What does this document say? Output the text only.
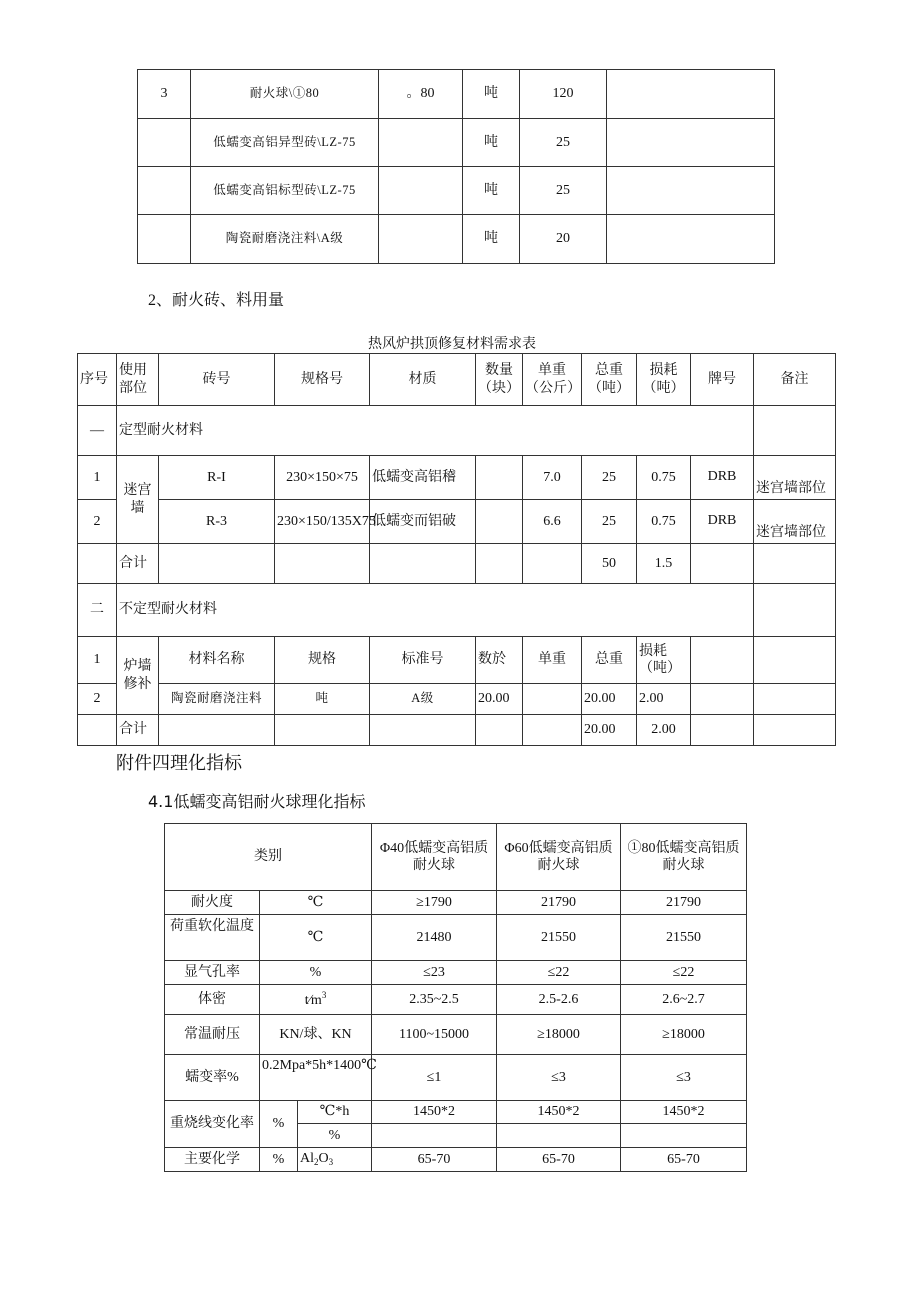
3	耐火球\①80	。80	吨	120	
	低蠕变高铝异型砖\LZ-75		吨	25	
	低蠕变高铝标型砖\LZ-75		吨	25	
	陶瓷耐磨浇注料\A级		吨	20	
2、耐火砖、料用量
热风炉拱顶修复材料需求表
序号	使用部位	砖号	规格号	材质	数量（块）	单重（公斤）	总重（吨）	损耗（吨）	牌号	备注
—	定型耐火材料									
1	迷宫墙	R-I	230×150×75	低蠕变高铝稽		7.0	25	0.75	DRB	迷宫墙部位
2		R-3	230×150/135X75	低蠕变而铝破		6.6	25	0.75	DRB	迷宫墙部位
	合计						50	1.5		
二	不定型耐火材料									
1	炉墙修补	材料名称	规格	标准号	数於	单重	总重	损耗（吨）		
2		陶瓷耐磨浇注料	吨	A级	20.00		20.00	2.00		
	合计						20.00	2.00		
附件四理化指标
4.1低蠕变高铝耐火球理化指标
类别			Φ40低蠕变高铝质耐火球	Φ60低蠕变高铝质耐火球	①80低蠕变高铝质耐火球
耐火度	℃		≥1790	21790	21790
荷重软化温度	℃		21480	21550	21550
显气孔率	%		≤23	≤22	≤22
体密	$t∕m^3$		2.35~2.5	2.5-2.6	2.6~2.7
常温耐压	KN/球、KN		1100~15000	≥18000	≥18000
蠕变率%	0.2Mpa*5h*1400℃		≤1	≤3	≤3
重烧线变化率	%	℃*h	1450*2	1450*2	1450*2
		%			
主要化学	%	$Al_2O_3$	65-70	65-70	65-70
